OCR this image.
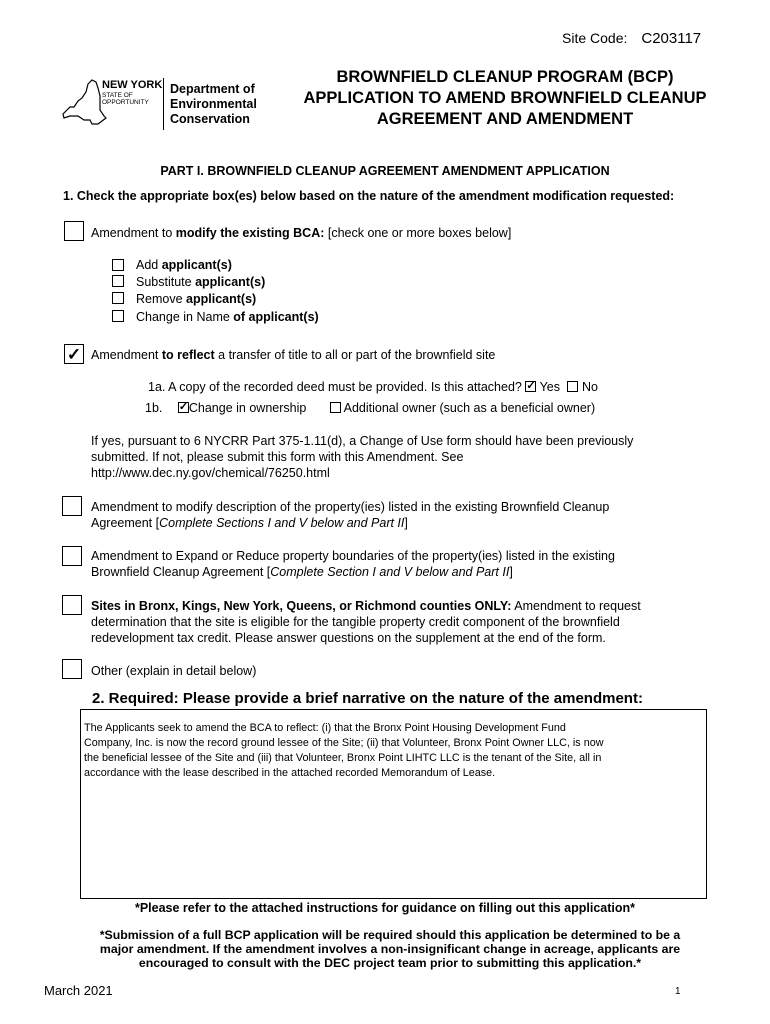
Site Code: C203117
NEW YORK
STATE OF
OPPORTUNITY
Department of
Environmental
Conservation
BROWNFIELD CLEANUP PROGRAM (BCP)
APPLICATION TO AMEND BROWNFIELD CLEANUP
AGREEMENT AND AMENDMENT
PART I. BROWNFIELD CLEANUP AGREEMENT AMENDMENT APPLICATION
1. Check the appropriate box(es) below based on the nature of the amendment modification requested:
Amendment to modify the existing BCA: [check one or more boxes below]
Add applicant(s)
Substitute applicant(s)
Remove applicant(s)
Change in Name of applicant(s)
✓ Amendment to reflect a transfer of title to all or part of the brownfield site
1a. A copy of the recorded deed must be provided. Is this attached? ✓ Yes No
1b. ✓ Change in ownership	Additional owner (such as a beneficial owner)
If yes, pursuant to 6 NYCRR Part 375-1.11(d), a Change of Use form should have been previously
submitted. If not, please submit this form with this Amendment. See
http://www.dec.ny.gov/chemical/76250.html
Amendment to modify description of the property(ies) listed in the existing Brownfield Cleanup
Agreement [Complete Sections I and V below and Part II]
Amendment to Expand or Reduce property boundaries of the property(ies) listed in the existing
Brownfield Cleanup Agreement [Complete Section I and V below and Part II]
Sites in Bronx, Kings, New York, Queens, or Richmond counties ONLY: Amendment to request
determination that the site is eligible for the tangible property credit component of the brownfield
redevelopment tax credit. Please answer questions on the supplement at the end of the form.
Other (explain in detail below)
2. Required: Please provide a brief narrative on the nature of the amendment:
The Applicants seek to amend the BCA to reflect: (i) that the Bronx Point Housing Development Fund
Company, Inc. is now the record ground lessee of the Site; (ii) that Volunteer, Bronx Point Owner LLC, is now
the beneficial lessee of the Site and (iii) that Volunteer, Bronx Point LIHTC LLC is the tenant of the Site, all in
accordance with the lease described in the attached recorded Memorandum of Lease.
*Please refer to the attached instructions for guidance on filling out this application*
*Submission of a full BCP application will be required should this application be determined to be a
major amendment. If the amendment involves a non-insignificant change in acreage, applicants are
encouraged to consult with the DEC project team prior to submitting this application.*
March 2021	1
